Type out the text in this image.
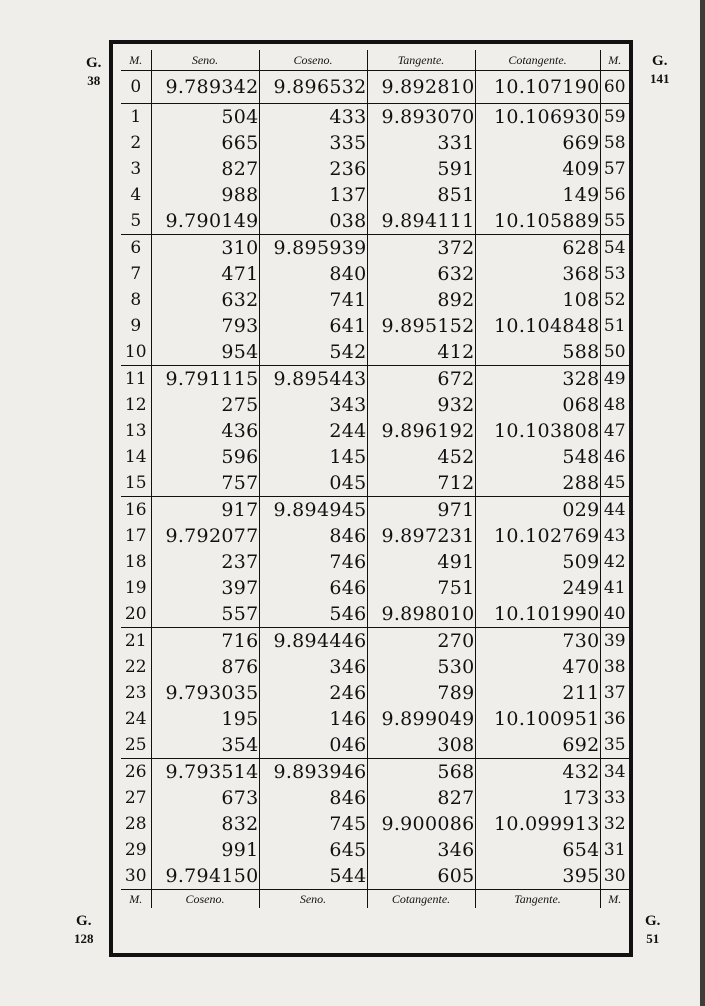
G.
38
G.
141
G.
128
G.
51
M.	Seno.	Coseno.	Tangente.	Cotangente.	M.
0	9.789342	9.896532	9.892810	10.107190	60
1	504	433	9.893070	10.106930	59
2	665	335	331	669	58
3	827	236	591	409	57
4	988	137	851	149	56
5	9.790149	038	9.894111	10.105889	55
6	310	9.895939	372	628	54
7	471	840	632	368	53
8	632	741	892	108	52
9	793	641	9.895152	10.104848	51
10	954	542	412	588	50
11	9.791115	9.895443	672	328	49
12	275	343	932	068	48
13	436	244	9.896192	10.103808	47
14	596	145	452	548	46
15	757	045	712	288	45
16	917	9.894945	971	029	44
17	9.792077	846	9.897231	10.102769	43
18	237	746	491	509	42
19	397	646	751	249	41
20	557	546	9.898010	10.101990	40
21	716	9.894446	270	730	39
22	876	346	530	470	38
23	9.793035	246	789	211	37
24	195	146	9.899049	10.100951	36
25	354	046	308	692	35
26	9.793514	9.893946	568	432	34
27	673	846	827	173	33
28	832	745	9.900086	10.099913	32
29	991	645	346	654	31
30	9.794150	544	605	395	30
M.	Coseno.	Seno.	Cotangente.	Tangente.	M.
